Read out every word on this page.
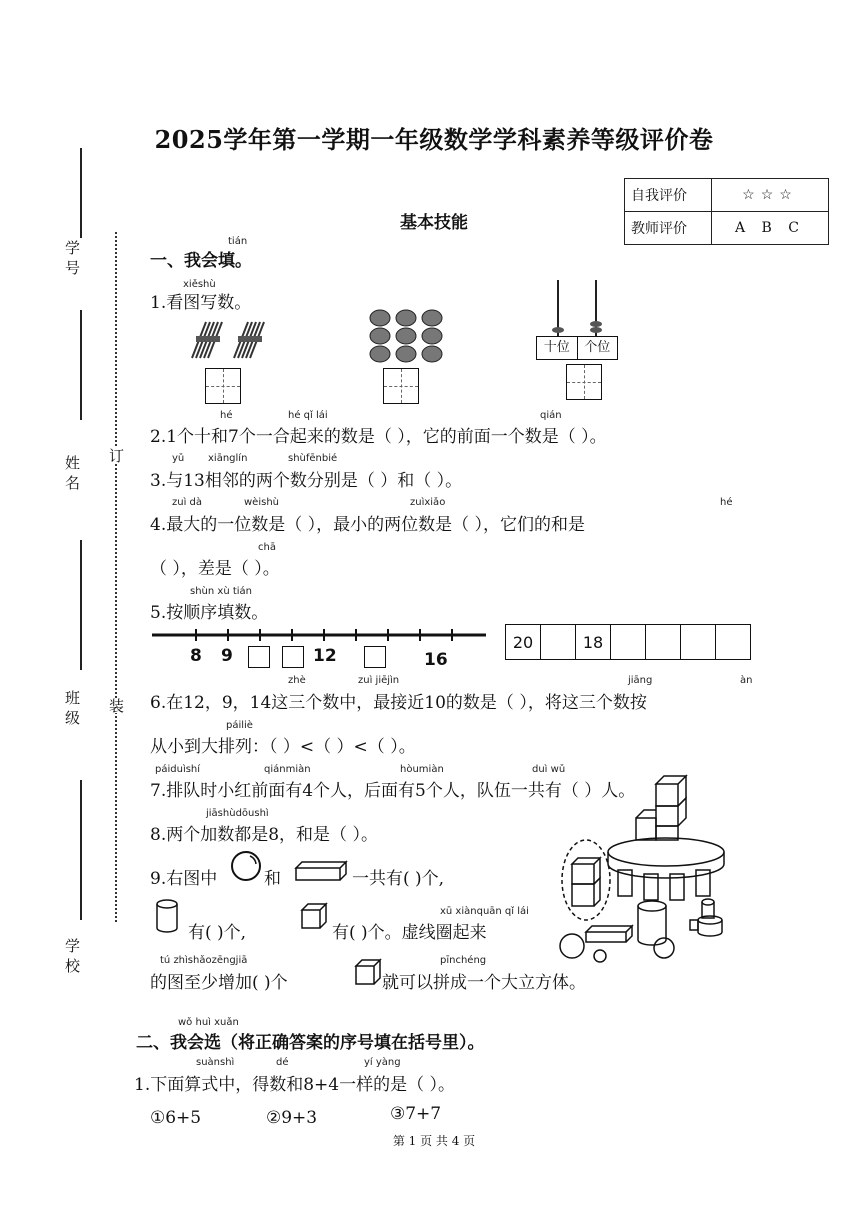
2025学年第一学期一年级数学学科素养等级评价卷
自我评价	☆☆☆
教师评价	A B C
基本技能
学 号
姓 名
班 级
学 校
订
装
tián
一、我会填。
xiěshù
1.看图写数。
十位	个位
hé	hé qǐ lái	qián
2.1个十和7个一合起来的数是（ ），它的前面一个数是（ ）。
yǔ xiānglín	shùfēnbié
3.与13相邻的两个数分别是（ ）和（ ）。
zuì dà	wèishù	zuìxiǎo	hé
4.最大的一位数是（ ），最小的两位数是（ ），它们的和是
chā
（ ），差是（ ）。
shùn xù tián
5.按顺序填数。
8 9	12	16
20		18				
zhè	zuì jiējìn	jiāng	àn
6.在12，9，14这三个数中，最接近10的数是（ ），将这三个数按
páiliè
从小到大排列：（ ）<（ ）<（ ）。
páiduìshí	qiánmiàn	hòumiàn	duì wǔ
7.排队时小红前面有4个人，后面有5个人，队伍一共有（ ）人。
jiāshùdōushì
8.两个加数都是8，和是（ ）。
9.右图中	和	一共有( )个,
有( )个,
xū xiànquān qǐ lái
有( )个。虚线圈起来
tú zhìshǎozēngjiā
的图至少增加( )个
pīnchéng
就可以拼成一个大立方体。
wǒ huì xuǎn
二、我会选（将正确答案的序号填在括号里）。
suànshì	dé	yí yàng
1.下面算式中，得数和8+4一样的是（ ）。
①6+5	②9+3	③7+7
第 1 页 共 4 页
